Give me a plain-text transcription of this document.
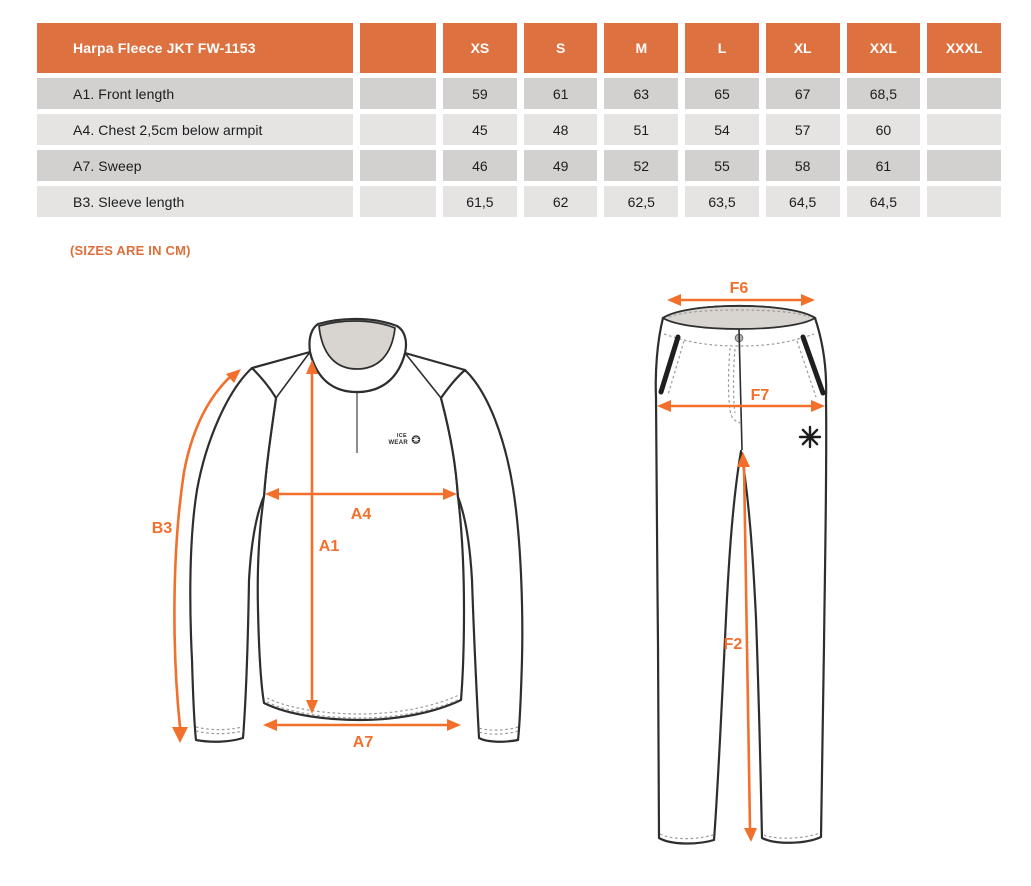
Harpa Fleece JKT FW-1153		XS	S	M	L	XL	XXL	XXXL
A1. Front length		59	61	63	65	67	68,5	
A4. Chest 2,5cm below armpit		45	48	51	54	57	60	
A7. Sweep		46	49	52	55	58	61	
B3. Sleeve length		61,5	62	62,5	63,5	64,5	64,5	
(SIZES ARE IN CM)
ICE
WEAR
B3
A1
A4
A7
F6
F7
F2
